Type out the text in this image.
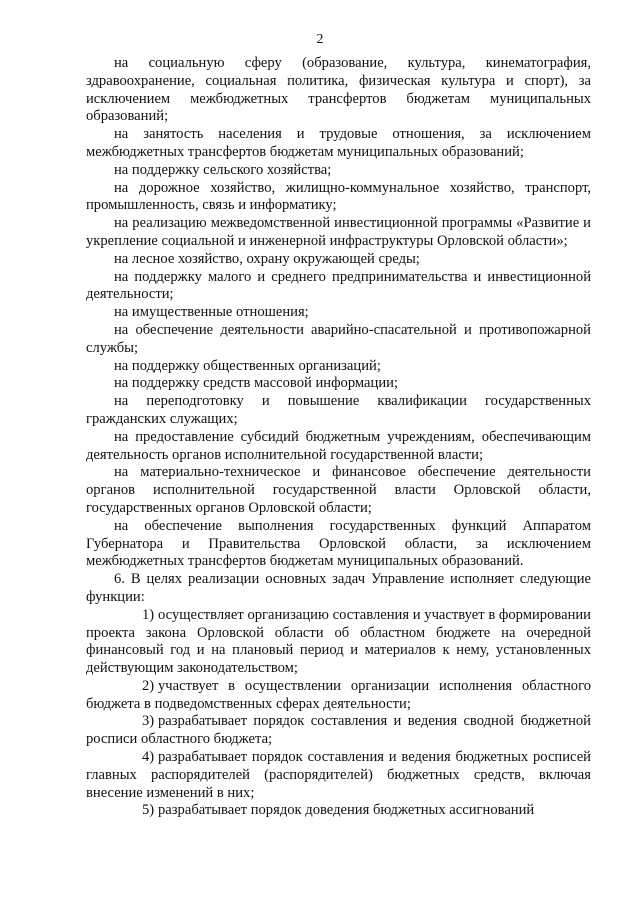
2

на социальную сферу (образование, культура, кинематография, здравоохранение, социальная политика, физическая культура и спорт), за исключением межбюджетных трансфертов бюджетам муниципальных образований;

на занятость населения и трудовые отношения, за исключением межбюджетных трансфертов бюджетам муниципальных образований;

на поддержку сельского хозяйства;

на дорожное хозяйство, жилищно-коммунальное хозяйство, транспорт, промышленность, связь и информатику;

на реализацию межведомственной инвестиционной программы «Развитие и укрепление социальной и инженерной инфраструктуры Орловской области»;

на лесное хозяйство, охрану окружающей среды;

на поддержку малого и среднего предпринимательства и инвестиционной деятельности;

на имущественные отношения;

на обеспечение деятельности аварийно-спасательной и противопожарной службы;

на поддержку общественных организаций;

на поддержку средств массовой информации;

на переподготовку и повышение квалификации государственных гражданских служащих;

на предоставление субсидий бюджетным учреждениям, обеспечивающим деятельность органов исполнительной государственной власти;

на материально-техническое и финансовое обеспечение деятельности органов исполнительной государственной власти Орловской области, государственных органов Орловской области;

на обеспечение выполнения государственных функций Аппаратом Губернатора и Правительства Орловской области, за исключением межбюджетных трансфертов бюджетам муниципальных образований.

6. В целях реализации основных задач Управление исполняет следующие функции:

1) осуществляет организацию составления и участвует в формировании проекта закона Орловской области об областном бюджете на очередной финансовый год и на плановый период и материалов к нему, установленных действующим законодательством;

2) участвует в осуществлении организации исполнения областного бюджета в подведомственных сферах деятельности;

3) разрабатывает порядок составления и ведения сводной бюджетной росписи областного бюджета;

4) разрабатывает порядок составления и ведения бюджетных росписей главных распорядителей (распорядителей) бюджетных средств, включая внесение изменений в них;

5) разрабатывает порядок доведения бюджетных ассигнований
